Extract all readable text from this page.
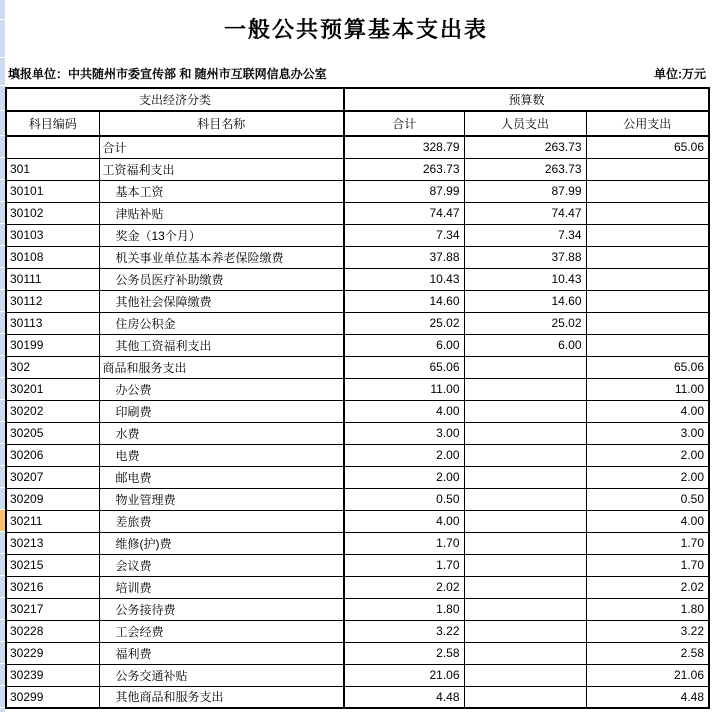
一般公共预算基本支出表
填报单位：中共随州市委宣传部 和 随州市互联网信息办公室	单位:万元
支出经济分类		预算数		
科目编码	科目名称	合计	人员支出	公用支出
	合计	328.79	263.73	65.06
301	工资福利支出	263.73	263.73	
30101	基本工资	87.99	87.99	
30102	津贴补贴	74.47	74.47	
30103	奖金（13个月）	7.34	7.34	
30108	机关事业单位基本养老保险缴费	37.88	37.88	
30111	公务员医疗补助缴费	10.43	10.43	
30112	其他社会保障缴费	14.60	14.60	
30113	住房公积金	25.02	25.02	
30199	其他工资福利支出	6.00	6.00	
302	商品和服务支出	65.06		65.06
30201	办公费	11.00		11.00
30202	印刷费	4.00		4.00
30205	水费	3.00		3.00
30206	电费	2.00		2.00
30207	邮电费	2.00		2.00
30209	物业管理费	0.50		0.50
30211	差旅费	4.00		4.00
30213	维修(护)费	1.70		1.70
30215	会议费	1.70		1.70
30216	培训费	2.02		2.02
30217	公务接待费	1.80		1.80
30228	工会经费	3.22		3.22
30229	福利费	2.58		2.58
30239	公务交通补贴	21.06		21.06
30299	其他商品和服务支出	4.48		4.48
